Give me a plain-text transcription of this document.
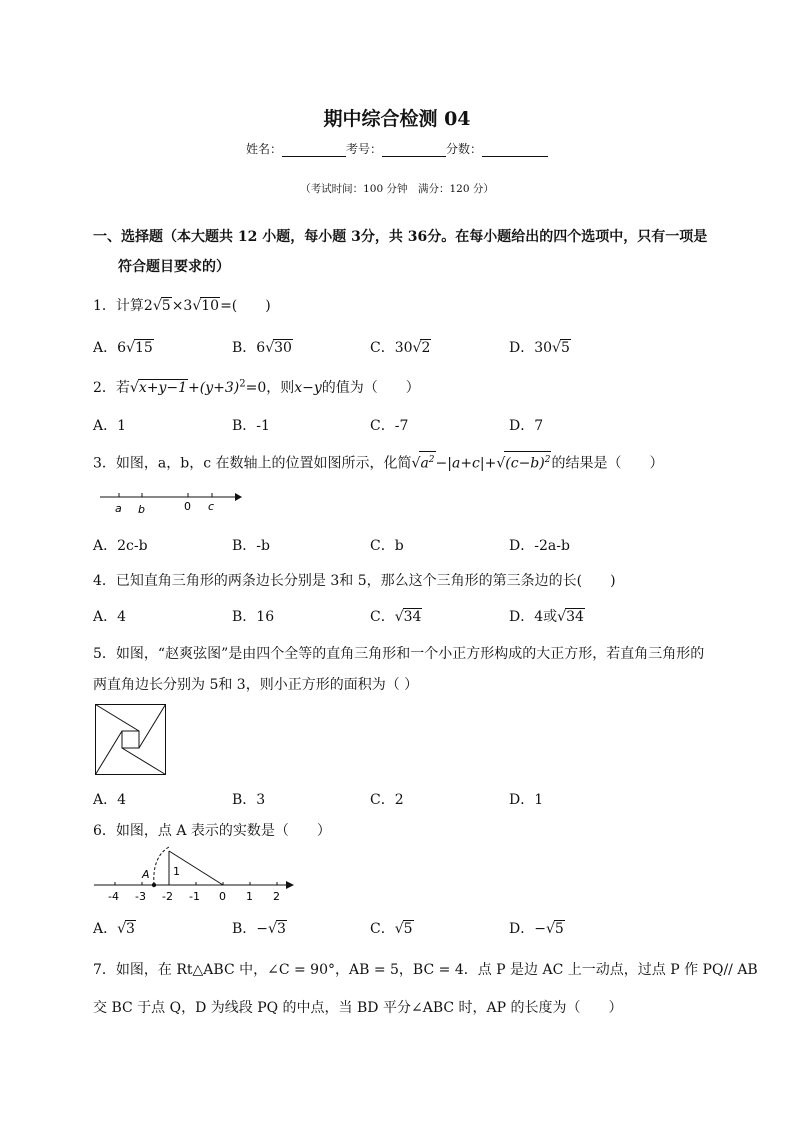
期中综合检测 04
姓名：	考号：	分数：
（考试时间：100 分钟　满分：120 分）
一、选择题（本大题共 12 小题，每小题 3分，共 36分。在每小题给出的四个选项中，只有一项是
符合题目要求的）
1．计算2√5×3√10=(　　)
A．6√15	B．6√30	C．30√2	D．30√5
2．若$√x+y-1+(y+3)^2=0$，则x−y的值为（　　）
A．1	B．-1	C．-7	D．7
3．如图，a，b，c 在数轴上的位置如图所示，化简$√a^2-|a+c|+√(c-b)^2$的结果是（　　）
a b	0 c
A．2c-b	B．-b	C．b	D．-2a-b
4．已知直角三角形的两条边长分别是 3和 5，那么这个三角形的第三条边的长(　　)
A．4	B．16	C．√34	D．4或√34
5．如图，“赵爽弦图”是由四个全等的直角三角形和一个小正方形构成的大正方形，若直角三角形的
两直角边长分别为 5和 3，则小正方形的面积为（ ）
A．4	B．3	C．2	D．1
6．如图，点 A 表示的实数是（　　）
A 1
-4 -3 -2 -1 0 1 2
A．√3	B．−√3	C．√5	D．−√5
7．如图，在 Rt△ABC 中，∠C = 90°，AB = 5，BC = 4．点 P 是边 AC 上一动点，过点 P 作 PQ// AB
交 BC 于点 Q，D 为线段 PQ 的中点，当 BD 平分∠ABC 时，AP 的长度为（　　）
